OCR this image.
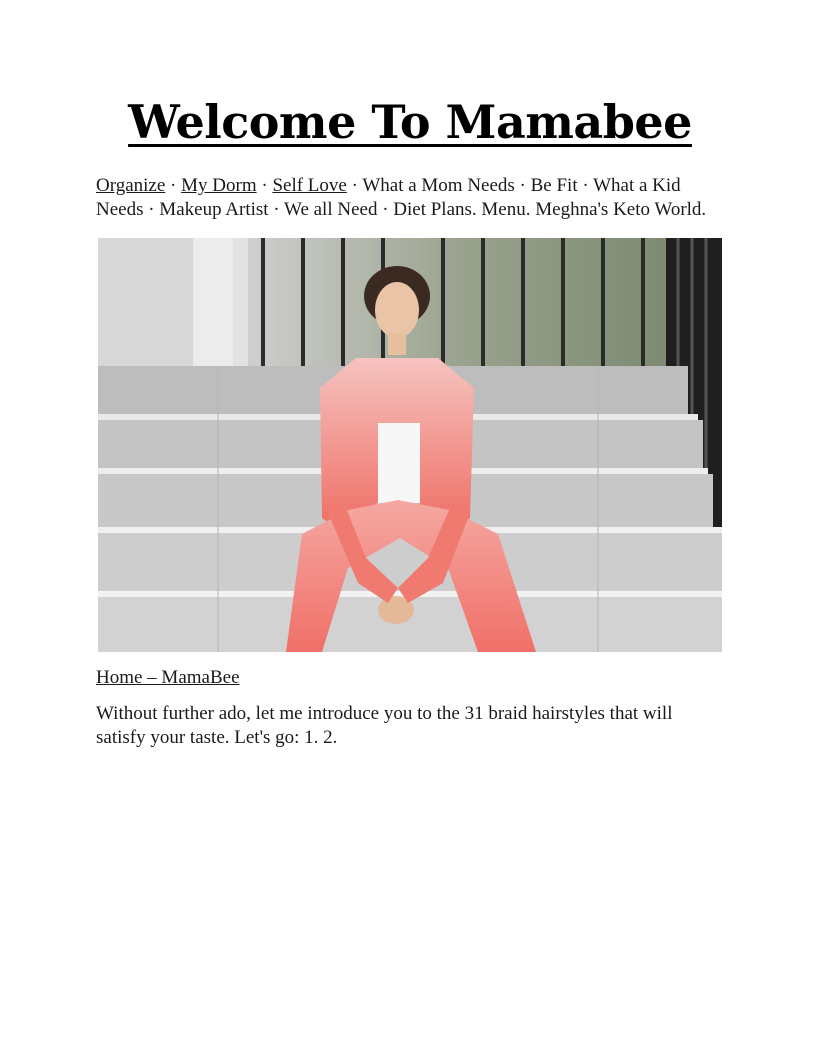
Welcome To Mamabee
Organize · My Dorm · Self Love · What a Mom Needs · Be Fit · What a Kid Needs · Makeup Artist · We all Need · Diet Plans. Menu. Meghna's Keto World.
Home – MamaBee

Without further ado, let me introduce you to the 31 braid hairstyles that will satisfy your taste. Let's go: 1. 2.
